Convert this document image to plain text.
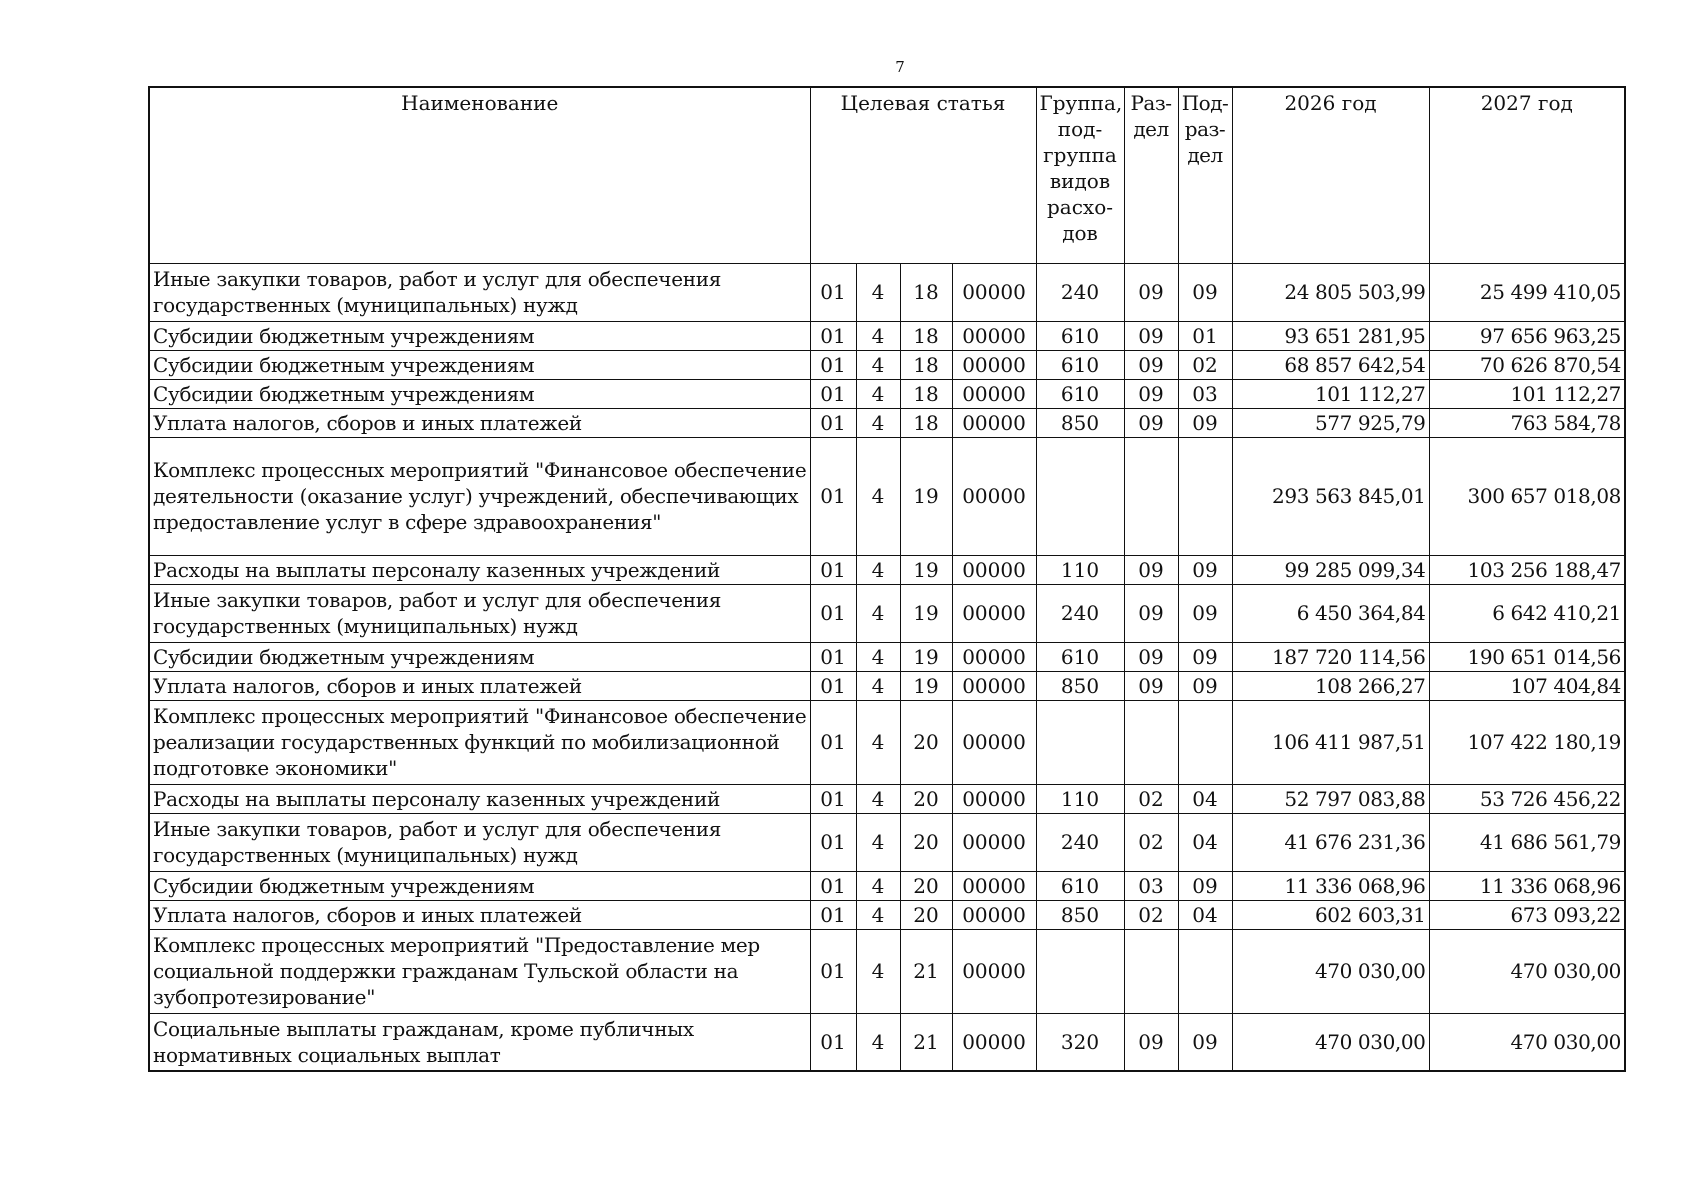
7
Наименование	Целевая статья				Группа, под-группа видов расхо-дов	Раз-дел	Под-раз-дел	2026 год	2027 год
Иные закупки товаров, работ и услуг для обеспечения государственных (муниципальных) нужд	01	4	18	00000	240	09	09	24 805 503,99	25 499 410,05
Субсидии бюджетным учреждениям	01	4	18	00000	610	09	01	93 651 281,95	97 656 963,25
Субсидии бюджетным учреждениям	01	4	18	00000	610	09	02	68 857 642,54	70 626 870,54
Субсидии бюджетным учреждениям	01	4	18	00000	610	09	03	101 112,27	101 112,27
Уплата налогов, сборов и иных платежей	01	4	18	00000	850	09	09	577 925,79	763 584,78
Комплекс процессных мероприятий "Финансовое обеспечение деятельности (оказание услуг) учреждений, обеспечивающих предоставление услуг в сфере здравоохранения"	01	4	19	00000				293 563 845,01	300 657 018,08
Расходы на выплаты персоналу казенных учреждений	01	4	19	00000	110	09	09	99 285 099,34	103 256 188,47
Иные закупки товаров, работ и услуг для обеспечения государственных (муниципальных) нужд	01	4	19	00000	240	09	09	6 450 364,84	6 642 410,21
Субсидии бюджетным учреждениям	01	4	19	00000	610	09	09	187 720 114,56	190 651 014,56
Уплата налогов, сборов и иных платежей	01	4	19	00000	850	09	09	108 266,27	107 404,84
Комплекс процессных мероприятий "Финансовое обеспечение реализации государственных функций по мобилизационной подготовке экономики"	01	4	20	00000				106 411 987,51	107 422 180,19
Расходы на выплаты персоналу казенных учреждений	01	4	20	00000	110	02	04	52 797 083,88	53 726 456,22
Иные закупки товаров, работ и услуг для обеспечения государственных (муниципальных) нужд	01	4	20	00000	240	02	04	41 676 231,36	41 686 561,79
Субсидии бюджетным учреждениям	01	4	20	00000	610	03	09	11 336 068,96	11 336 068,96
Уплата налогов, сборов и иных платежей	01	4	20	00000	850	02	04	602 603,31	673 093,22
Комплекс процессных мероприятий "Предоставление мер социальной поддержки гражданам Тульской области на зубопротезирование"	01	4	21	00000				470 030,00	470 030,00
Социальные выплаты гражданам, кроме публичных нормативных социальных выплат	01	4	21	00000	320	09	09	470 030,00	470 030,00
